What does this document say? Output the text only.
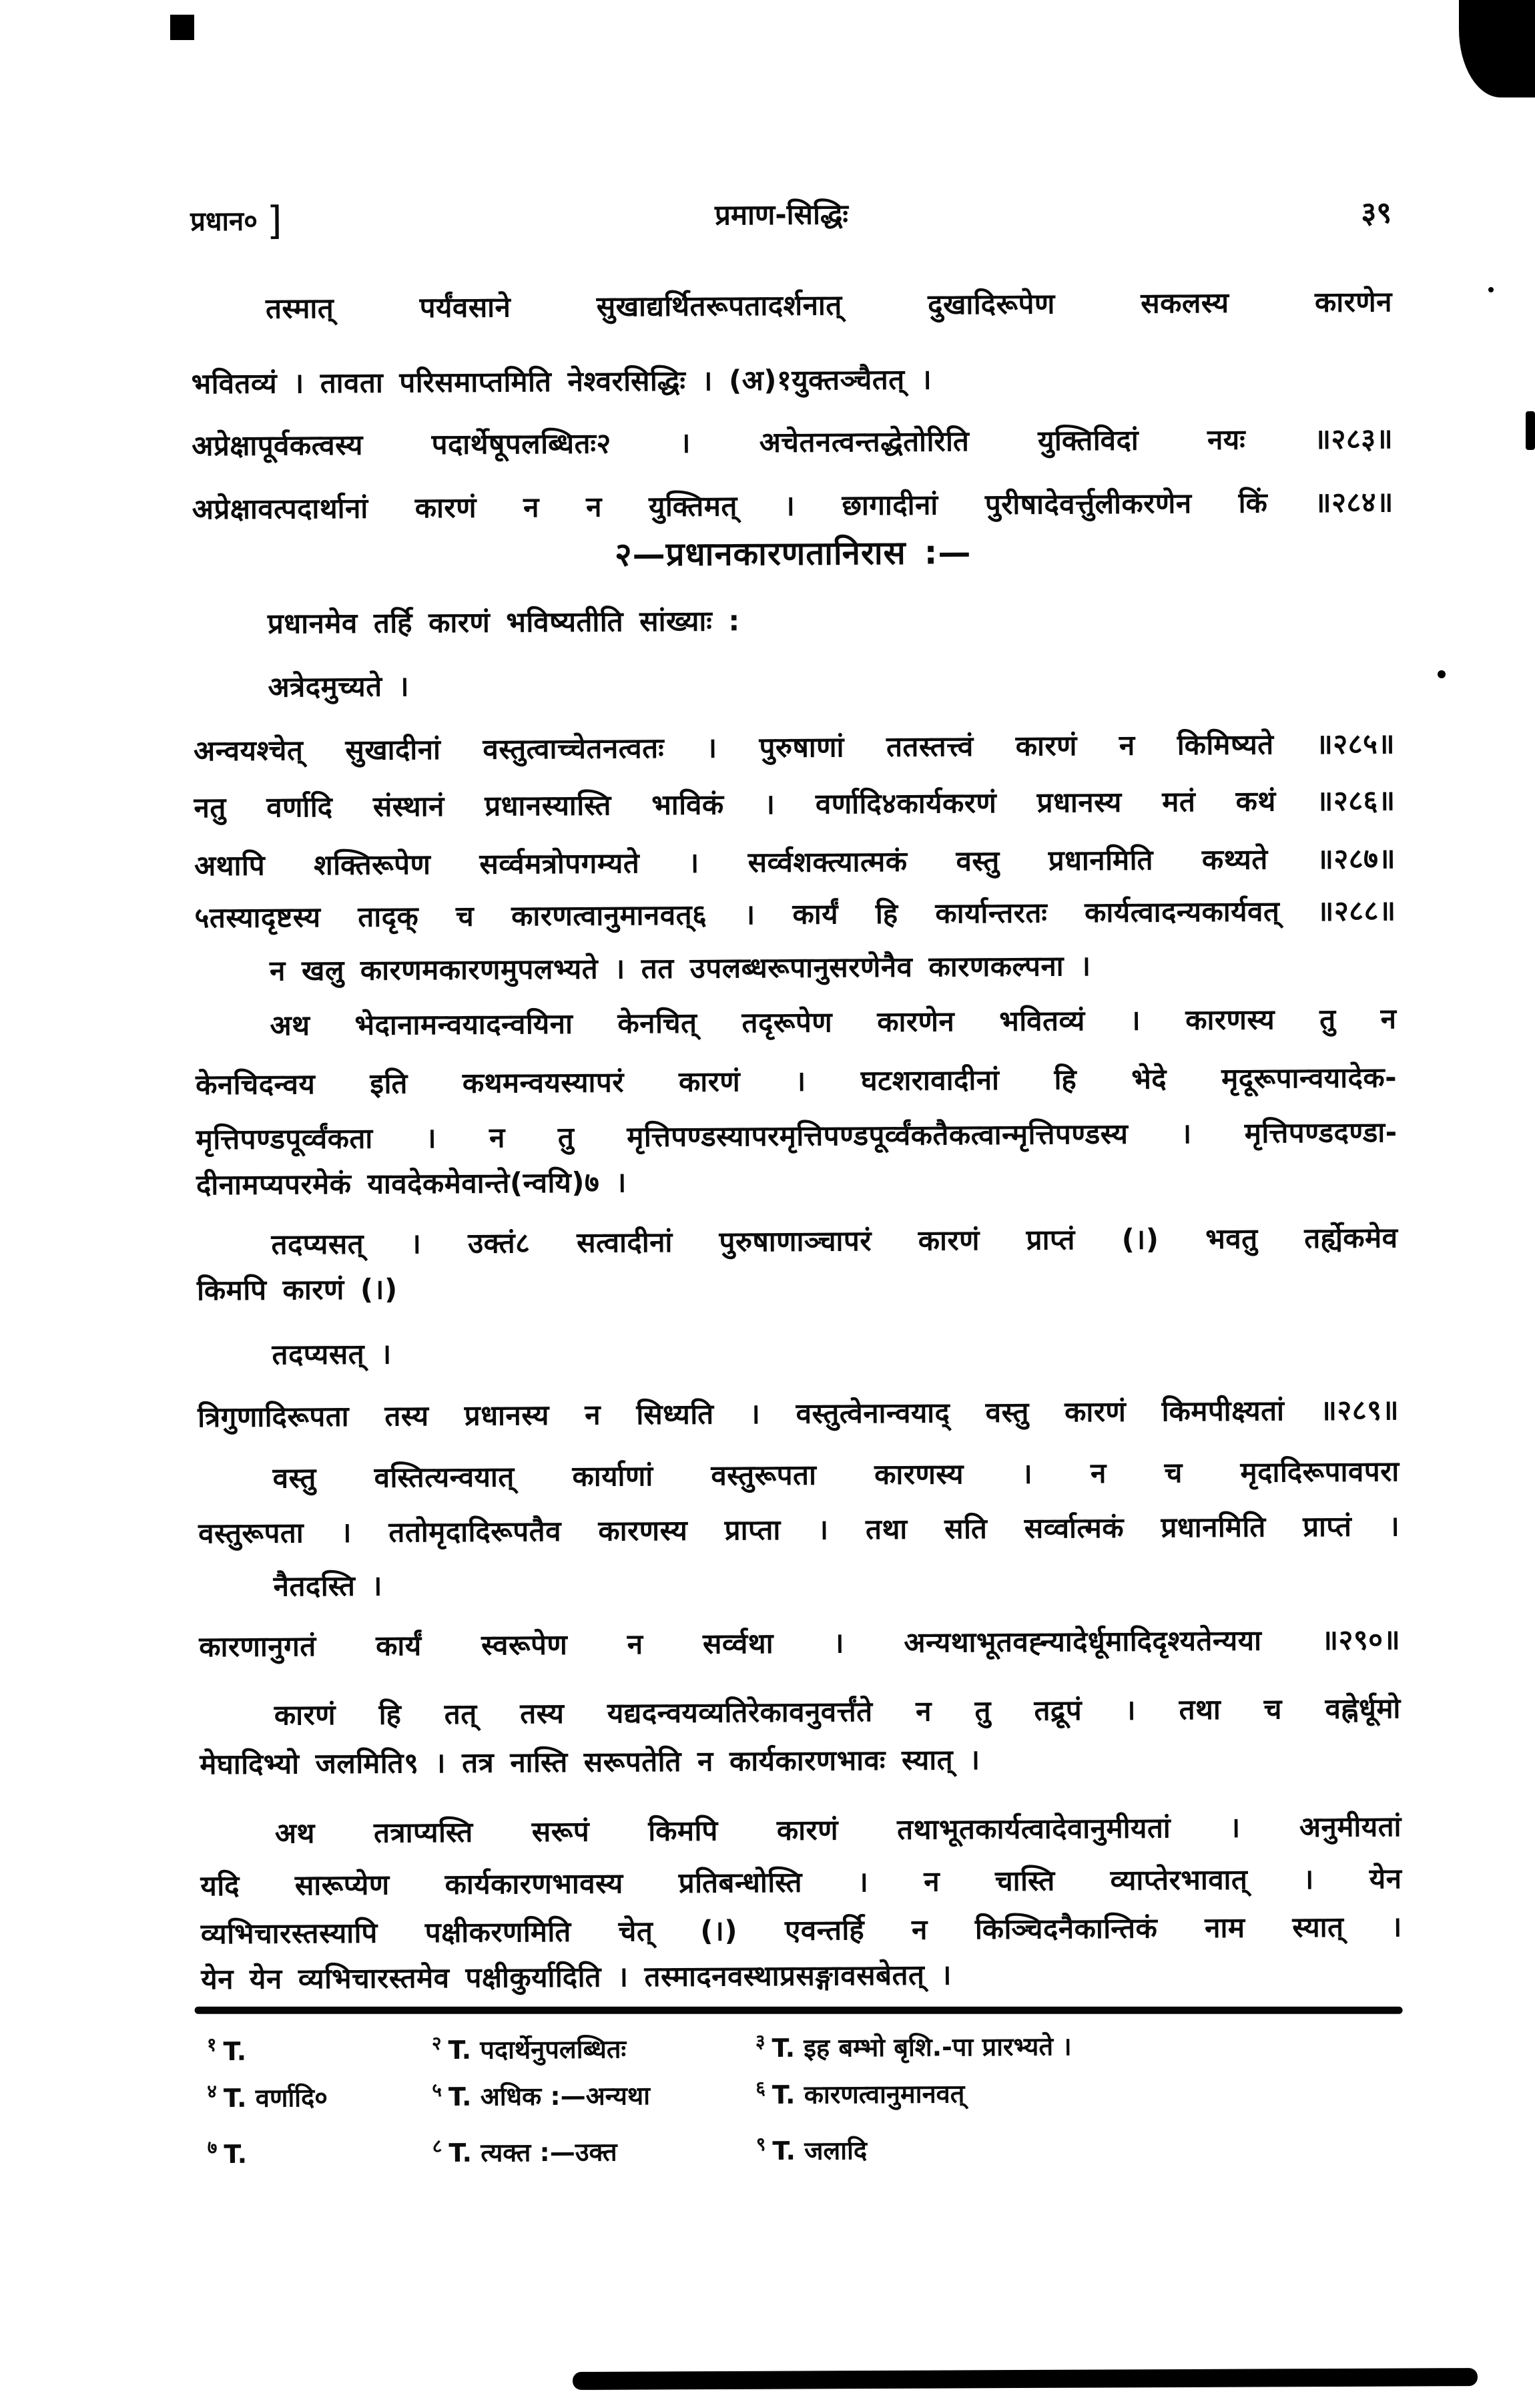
प्रधान० ]	प्रमाण-सिद्धिः	३९
तस्मात् पर्यंवसाने सुखाद्यर्थितरूपतादर्शनात् दुखादिरूपेण सकलस्य कारणेन
भवितव्यं । तावता परिसमाप्तमिति नेश्वरसिद्धिः । (अ)१युक्तञ्चैतत् ।
अप्रेक्षापूर्वकत्वस्य पदार्थेषूपलब्धितः२ । अचेतनत्वन्तद्धेतोरिति युक्तिविदां नयः ॥२८३॥
अप्रेक्षावत्पदार्थानां कारणं न न युक्तिमत् । छागादीनां पुरीषादेवर्त्तुलीकरणेन किं ॥२८४॥
२—प्रधानकारणतानिरास :—
प्रधानमेव तर्हि कारणं भविष्यतीति सांख्याः :
अत्रेदमुच्यते ।
अन्वयश्चेत् सुखादीनां वस्तुत्वाच्चेतनत्वतः । पुरुषाणां ततस्तत्त्वं कारणं न किमिष्यते ॥२८५॥
नतु वर्णादि संस्थानं प्रधानस्यास्ति भाविकं । वर्णादि४कार्यकरणं प्रधानस्य मतं कथं ॥२८६॥
अथापि शक्तिरूपेण सर्व्वमत्रोपगम्यते । सर्व्वशक्त्यात्मकं वस्तु प्रधानमिति कथ्यते ॥२८७॥
५तस्यादृष्टस्य तादृक् च कारणत्वानुमानवत्६ । कार्यं हि कार्यान्तरतः कार्यत्वादन्यकार्यवत् ॥२८८॥
न खलु कारणमकारणमुपलभ्यते । तत उपलब्धरूपानुसरणेनैव कारणकल्पना ।
अथ भेदानामन्वयादन्वयिना केनचित् तदृरूपेण कारणेन भवितव्यं । कारणस्य तु न
केनचिदन्वय इति कथमन्वयस्यापरं कारणं । घटशरावादीनां हि भेदे मृदूरूपान्वयादेक-
मृत्तिपण्डपूर्व्वंकता । न तु मृत्तिपण्डस्यापरमृत्तिपण्डपूर्व्वंकतैकत्वान्मृत्तिपण्डस्य । मृत्तिपण्डदण्डा-
दीनामप्यपरमेकं यावदेकमेवान्ते(न्वयि)७ ।
तदप्यसत् । उक्तं८ सत्वादीनां पुरुषाणाञ्चापरं कारणं प्राप्तं (।) भवतु तर्ह्येकमेव
किमपि कारणं (।)
तदप्यसत् ।
त्रिगुणादिरूपता तस्य प्रधानस्य न सिध्यति । वस्तुत्वेनान्वयाद् वस्तु कारणं किमपीक्ष्यतां ॥२८९॥
वस्तु वस्तित्यन्वयात् कार्याणां वस्तुरूपता कारणस्य । न च मृदादिरूपावपरा
वस्तुरूपता । ततोमृदादिरूपतैव कारणस्य प्राप्ता । तथा सति सर्व्वात्मकं प्रधानमिति प्राप्तं ।
नैतदस्ति ।
कारणानुगतं कार्यं स्वरूपेण न सर्व्वथा । अन्यथाभूतवह्न्यादेर्धूमादिदृश्यतेन्यया ॥२९०॥
कारणं हि तत् तस्य यद्यदन्वयव्यतिरेकावनुवर्त्तंते न तु तद्रूपं । तथा च वह्नेर्धूमो
मेघादिभ्यो जलमिति९ । तत्र नास्ति सरूपतेति न कार्यकारणभावः स्यात् ।
अथ तत्राप्यस्ति सरूपं किमपि कारणं तथाभूतकार्यत्वादेवानुमीयतां । अनुमीयतां
यदि सारूप्येण कार्यकारणभावस्य प्रतिबन्धोस्ति । न चास्ति व्याप्तेरभावात् । येन
व्यभिचारस्तस्यापि पक्षीकरणमिति चेत् (।) एवन्तर्हि न किञ्चिदनैकान्तिकं नाम स्यात् ।
येन येन व्यभिचारस्तमेव पक्षीकुर्यादिति । तस्मादनवस्थाप्रसङ्गावसबेतत् ।
$^१$ T.	$^२$ T. पदार्थेनुपलब्धितः	$^३$ T. इह बम्भो बृशि.-पा प्रारभ्यते ।
$^४$ T. वर्णादि०	$^५$ T. अधिक :—अन्यथा	$^६$ T. कारणत्वानुमानवत्
$^७$ T.	$^८$ T. त्यक्त :—उक्त	$^९$ T. जलादि
